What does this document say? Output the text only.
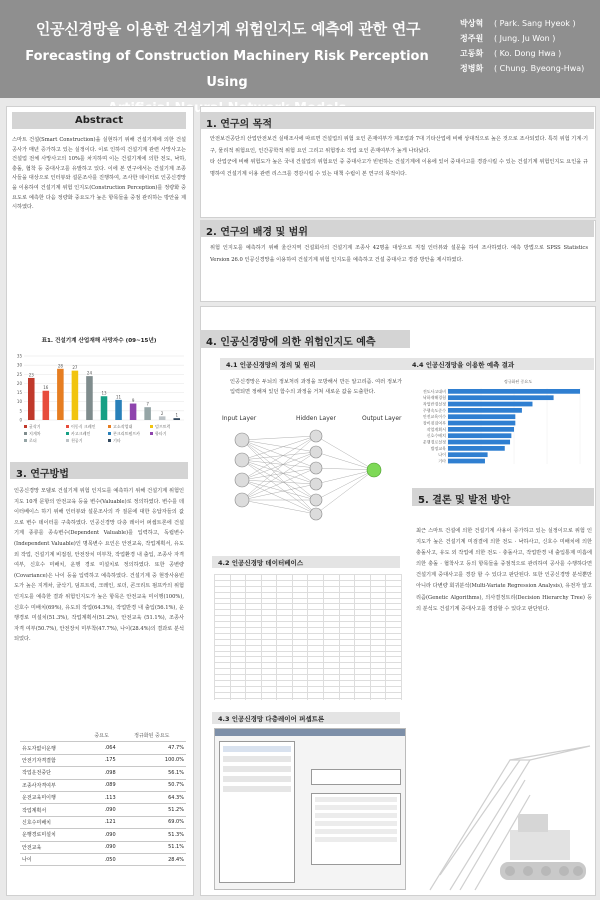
인공신경망을 이용한 건설기계 위험인지도 예측에 관한 연구
Forecasting of Construction Machinery Risk Perception Using
Neural
박상혁 ( Park. Sang Hyeok )
정주원 ( Jung. Ju Won )
고동화 ( Ko. Dong Hwa )
정병화 ( Chung. Byeong-Hwa)
Abstract

스마트 건설(Smart Construction)을 실현하기 위해 건설기계에 의한 건설공사가 매년 증가하고 있는 실정이다. 이로 인하여 건설기계 관련 사망사고는 건설업 전체 사망사고의 10%를 차지하며 이는 건설기계에 의한 전도, 낙하, 충돌, 협착 등 중대사고를 유발하고 있다. 이에 본 연구에서는 건설기계 조종사들을 대상으로 인터뷰와 설문조사를 진행하여, 조사한 데이터로 인공신경망을 이용하여 건설기계 위험 인지도(Construction Perception)를 정량화 중요도로 예측한 다음 정량화 중요도가 높은 항목들을 중점 관리하는 방안을 제시하였다.

표1. 건설기계 산업재해 사망자수 (09~15년)
35
30
25
20
15
10
5
0
23
16
28 27
24
13
11
9
7
2	1
굴삭기	이동식 크레인	고소작업대	덤프트럭
지게차	카고크레인	콘크리트펌프카	항타기
로더	천공기	기타
3. 연구방법

인공신경망 모델로 건설기계 위험 인지도를 예측하기 위해 건설기계 위험인지도 10개 문항의 안전교육 등을 변수(Valuable)로 정의하였다. 변수를 데이터베이스 하기 위해 인터뷰와 설문조사의 각 질문에 대한 응답자들의 값으로 변수 데이터를 구축하였다. 인공신경망 다층 레이어 퍼셉트론에 건설기계 종류를 종속변수(Dependent Valuable)를 입력하고, 독립변수(Independent Valuable)인 명목변수 요인은 안전교육, 작업계획서, 유도 외 작업, 건설기계 비접검, 안전장치 미부착, 작업환경 내 출입, 조종사 자격 여부, 신호수 미배치, 운행 경로 미설치로 정의하였다. 또한 공변량(Covariance)은 나이 등을 입력하고 예측하였다. 건설기계 중 현장사용빈도가 높은 지게차, 굴삭기, 덤프트럭, 크레인, 로더, 콘크리트 펌프카의 위험인지도를 예측한 결과 위험인지도가 높은 항목은 안전교육 미이행(100%), 신호수 미배치(69%), 유도외 작업(64.3%), 작업반경 내 출입(56.1%), 운행경로 미설치(51.3%), 작업계획서(51.2%), 안전교육 (51.1%), 조종사 자격 여부(50.7%), 안전장치 미부착(47.7%), 나이(28.4%)의 결과로 분석되었다.

	중요도	정규화된 중요도
유도자없이운행	.064	47.7%
안전기자격결함	.175	100.0%
작업운전중단	.098	56.1%
조종사자격여부	.089	50.7%
운전교육미이행	.113	64.3%
작업계획서	.090	51.2%
신호수미배치	.121	69.0%
운행경로미설치	.090	51.3%
안전교육	.090	51.1%
나이	.050	28.4%
1. 연구의 목적

안전보건공단의 산업안전보건 실태조사에 따르면 건설업의 위험 요인 존재여부가 제조업과 7대 기타산업에 비해 상대적으로 높은 것으로 조사되었다. 특히 위험 기계·기구, 물리적 위험요인, 인간공학적 위험 요인 그리고 위험장소 작업 요인 존재여부가 높게 나타났다.

타 산업군에 비해 위험도가 높은 국내 건설업의 위험요인 중 중대사고가 빈번하는 건설기계에 이용에 있어 중대사고를 경감시킬 수 있는 건설기계 위험인지도 요인을 규명하여 건설기계 이용 관련 리스크를 경감시킬 수 있는 대책 수립이 본 연구의 목적이다.

2. 연구의 배경 및 범위

위험 인지도를 예측하기 위해 울산지역 건설회사의 건설기계 조종사 42명을 대상으로 직접 인터뷰와 설문을 하여 조사하였다. 예측 방법으로 SPSS Statistics Version 26.0 인공신경망을 이용하여 건설기계 위험 인지도를 예측하고 건설 중대사고 경감 방안을 제시하였다.

4. 인공신경망에 의한 위험인지도 예측
4.1 인공신경망의 정의 및 원리

인공신경망은 두뇌의 정보처리 과정을 모방해서 만든 알고리즘. 여러 정보가 입력되면 정해져 있던 함수의 과정을 거쳐 새로운 값을 도출한다.

Input Layer	Hidden Layer	Output Layer
4.4 인공신경망을 이용한 예측 결과
정규화된 중요도
전도사고대비
낙하재해경험
작업반경설정
주행속도준수
안전교육이수
장비점검여부
작업계획서
신호수배치
운행경로설정
법정교육
나이
기타
4.2 인공신경망 데이터베이스

4.3 인공신경망 다층레이어 퍼셉트론
5. 결론 및 발전 방안

최근 스마트 건설에 의한 건설기계 사용이 증가하고 있는 실정이므로 위험 인지도가 높은 건설기계 미검결에 의한 전도 · 낙하사고, 신호수 미배치에 의한 충돌사고, 유도 외 작업에 의한 전도 · 충돌사고, 작업반경 내 출입통제 미흡에 의한 충돌 · 협착사고 등의 항목들을 중점적으로 관리하여 공사를 수행하다면 건설기계 중대사고를 경감 할 수 있다고 판단된다. 또한 인공신경망 분석뿐만 아니라 다변량 회귀분석(Multi-Variate Regression Analysis), 유전자 알고리즘(Genetic Algorithms), 의사결정트리(Decision Hierarchy Tree) 등의 분석도 건설기계 중대사고를 경감할 수 있다고 판단된다.
